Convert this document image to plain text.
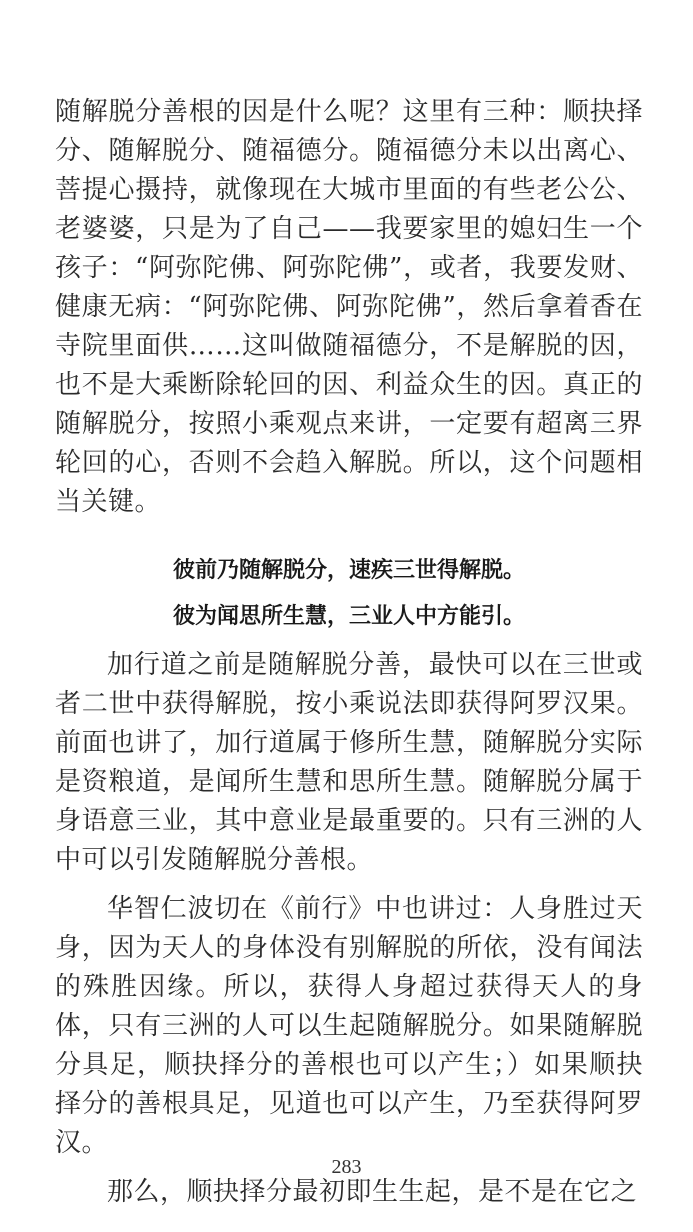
随解脱分善根的因是什么呢？这里有三种：顺抉择分、随解脱分、随福德分。随福德分未以出离心、菩提心摄持，就像现在大城市里面的有些老公公、老婆婆，只是为了自己——我要家里的媳妇生一个孩子：“阿弥陀佛、阿弥陀佛”，或者，我要发财、健康无病：“阿弥陀佛、阿弥陀佛”，然后拿着香在寺院里面供……这叫做随福德分，不是解脱的因，也不是大乘断除轮回的因、利益众生的因。真正的随解脱分，按照小乘观点来讲，一定要有超离三界轮回的心，否则不会趋入解脱。所以，这个问题相当关键。

彼前乃随解脱分，速疾三世得解脱。

彼为闻思所生慧，三业人中方能引。

加行道之前是随解脱分善，最快可以在三世或者二世中获得解脱，按小乘说法即获得阿罗汉果。前面也讲了，加行道属于修所生慧，随解脱分实际是资粮道，是闻所生慧和思所生慧。随解脱分属于身语意三业，其中意业是最重要的。只有三洲的人中可以引发随解脱分善根。

华智仁波切在《前行》中也讲过：人身胜过天身，因为天人的身体没有别解脱的所依，没有闻法的殊胜因缘。所以，获得人身超过获得天人的身体，只有三洲的人可以生起随解脱分。如果随解脱分具足，顺抉择分的善根也可以产生；）如果顺抉择分的善根具足，见道也可以产生，乃至获得阿罗汉。

那么，顺抉择分最初即生生起，是不是在它之

283
